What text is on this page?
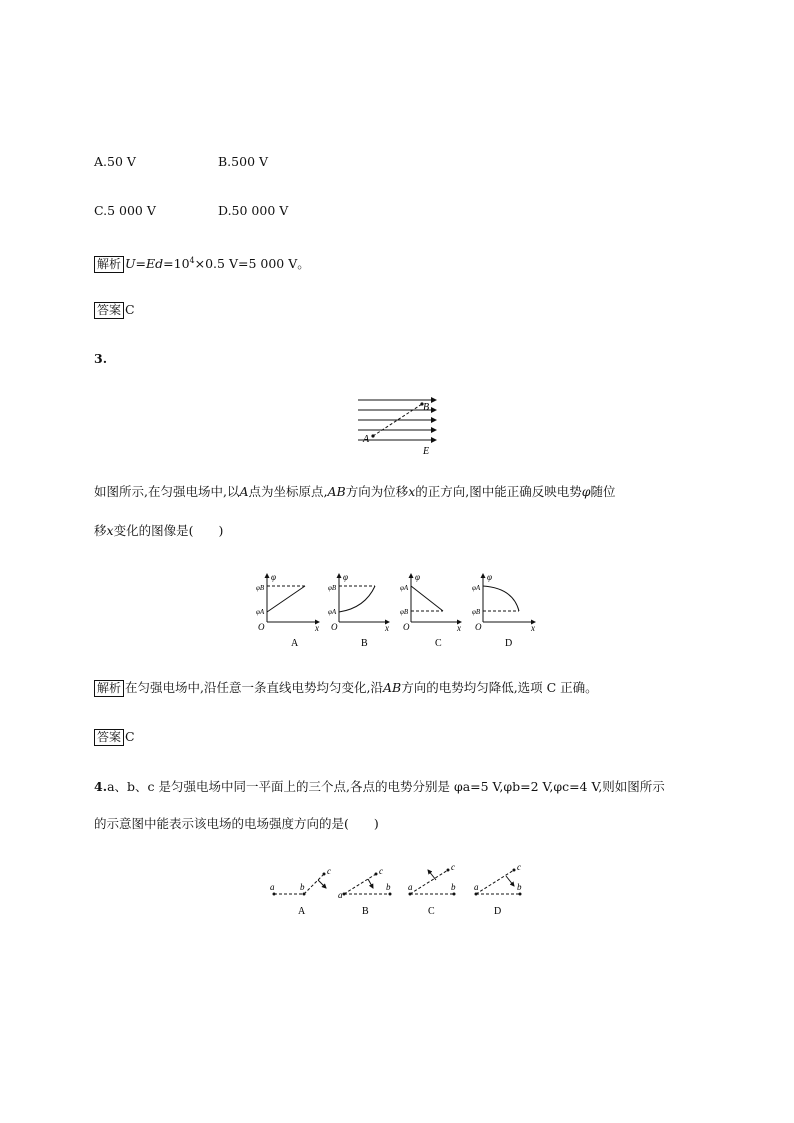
A.50 V	B.500 V
C.5 000 V	D.50 000 V
解析 $U=Ed=10^4\times 0.5$ V=5 000 V。
答案 C
3.
A
B
E
如图所示,在匀强电场中,以A点为坐标原点,AB方向为位移x的正方向,图中能正确反映电势φ随位
移x变化的图像是(　　)
φ
φB
φA
O	x
A
φ
φB
φA
O	x
B
φ
φA
φB
O	x
C
φ
φA
φB
O	x
D
解析 在匀强电场中,沿任意一条直线电势均匀变化,沿AB方向的电势均匀降低,选项 C 正确。
答案 C
4.a、b、c 是匀强电场中同一平面上的三个点,各点的电势分别是 φa=5 V,φb=2 V,φc=4 V,则如图所示
的示意图中能表示该电场的电场强度方向的是(　　)
a	b
c
A
a
b
c
B
a	b
c
C
a	b
c
D
